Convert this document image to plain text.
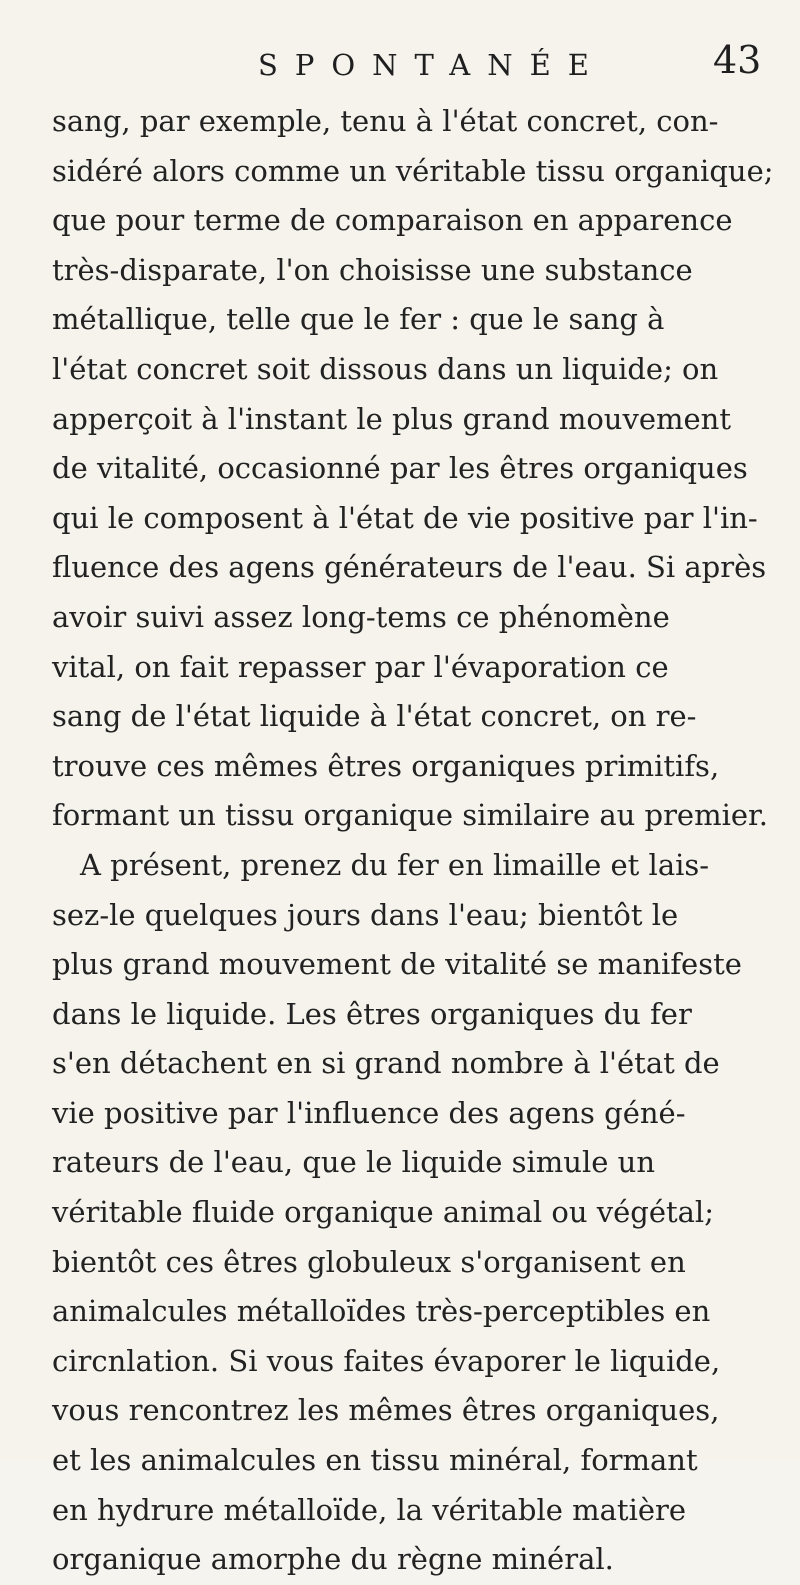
SPONTANÉE	43
sang, par exemple, tenu à l'état concret, con-
sidéré alors comme un véritable tissu organique;
que pour terme de comparaison en apparence
très-disparate, l'on choisisse une substance
métallique, telle que le fer : que le sang à
l'état concret soit dissous dans un liquide; on
apperçoit à l'instant le plus grand mouvement
de vitalité, occasionné par les êtres organiques
qui le composent à l'état de vie positive par l'in-
fluence des agens générateurs de l'eau. Si après
avoir suivi assez long-tems ce phénomène
vital, on fait repasser par l'évaporation ce
sang de l'état liquide à l'état concret, on re-
trouve ces mêmes êtres organiques primitifs,
formant un tissu organique similaire au premier.
A présent, prenez du fer en limaille et lais-
sez-le quelques jours dans l'eau; bientôt le
plus grand mouvement de vitalité se manifeste
dans le liquide. Les êtres organiques du fer
s'en détachent en si grand nombre à l'état de
vie positive par l'influence des agens géné-
rateurs de l'eau, que le liquide simule un
véritable fluide organique animal ou végétal;
bientôt ces êtres globuleux s'organisent en
animalcules métalloïdes très-perceptibles en
circnlation. Si vous faites évaporer le liquide,
vous rencontrez les mêmes êtres organiques,
et les animalcules en tissu minéral, formant
en hydrure métalloïde, la véritable matière
organique amorphe du règne minéral.
